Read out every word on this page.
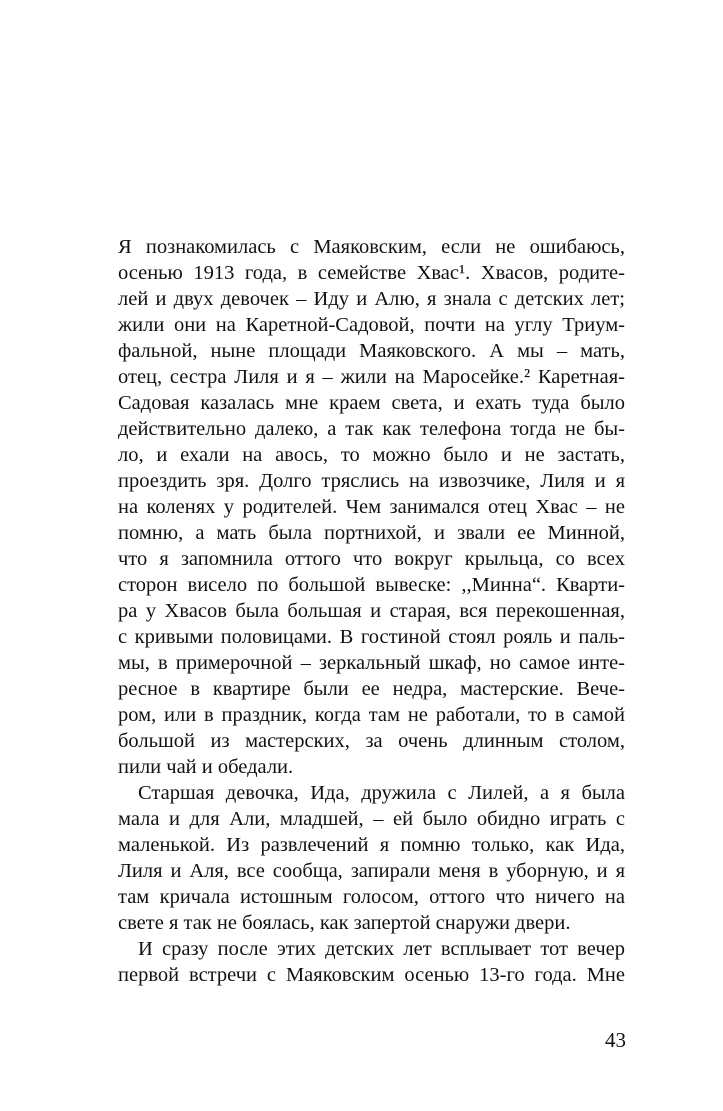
Я познакомилась с Маяковским, если не ошибаюсь,
осенью 1913 года, в семействе Хвас¹. Хвасов, родите-
лей и двух девочек – Иду и Алю, я знала с детских лет;
жили они на Каретной-Садовой, почти на углу Триум-
фальной, ныне площади Маяковского. А мы – мать,
отец, сестра Лиля и я – жили на Маросейке.² Каретная-
Садовая казалась мне краем света, и ехать туда было
действительно далеко, а так как телефона тогда не бы-
ло, и ехали на авось, то можно было и не застать,
проездить зря. Долго тряслись на извозчике, Лиля и я
на коленях у родителей. Чем занимался отец Хвас – не
помню, а мать была портнихой, и звали ее Минной,
что я запомнила оттого что вокруг крыльца, со всех
сторон висело по большой вывеске: ,,Минна“. Кварти-
ра у Хвасов была большая и старая, вся перекошенная,
с кривыми половицами. В гостиной стоял рояль и паль-
мы, в примерочной – зеркальный шкаф, но самое инте-
ресное в квартире были ее недра, мастерские. Вече-
ром, или в праздник, когда там не работали, то в самой
большой из мастерских, за очень длинным столом,
пили чай и обедали.
Старшая девочка, Ида, дружила с Лилей, а я была
мала и для Али, младшей, – ей было обидно играть с
маленькой. Из развлечений я помню только, как Ида,
Лиля и Аля, все сообща, запирали меня в уборную, и я
там кричала истошным голосом, оттого что ничего на
свете я так не боялась, как запертой снаружи двери.
И сразу после этих детских лет всплывает тот вечер
первой встречи с Маяковским осенью 13-го года. Мне
43
